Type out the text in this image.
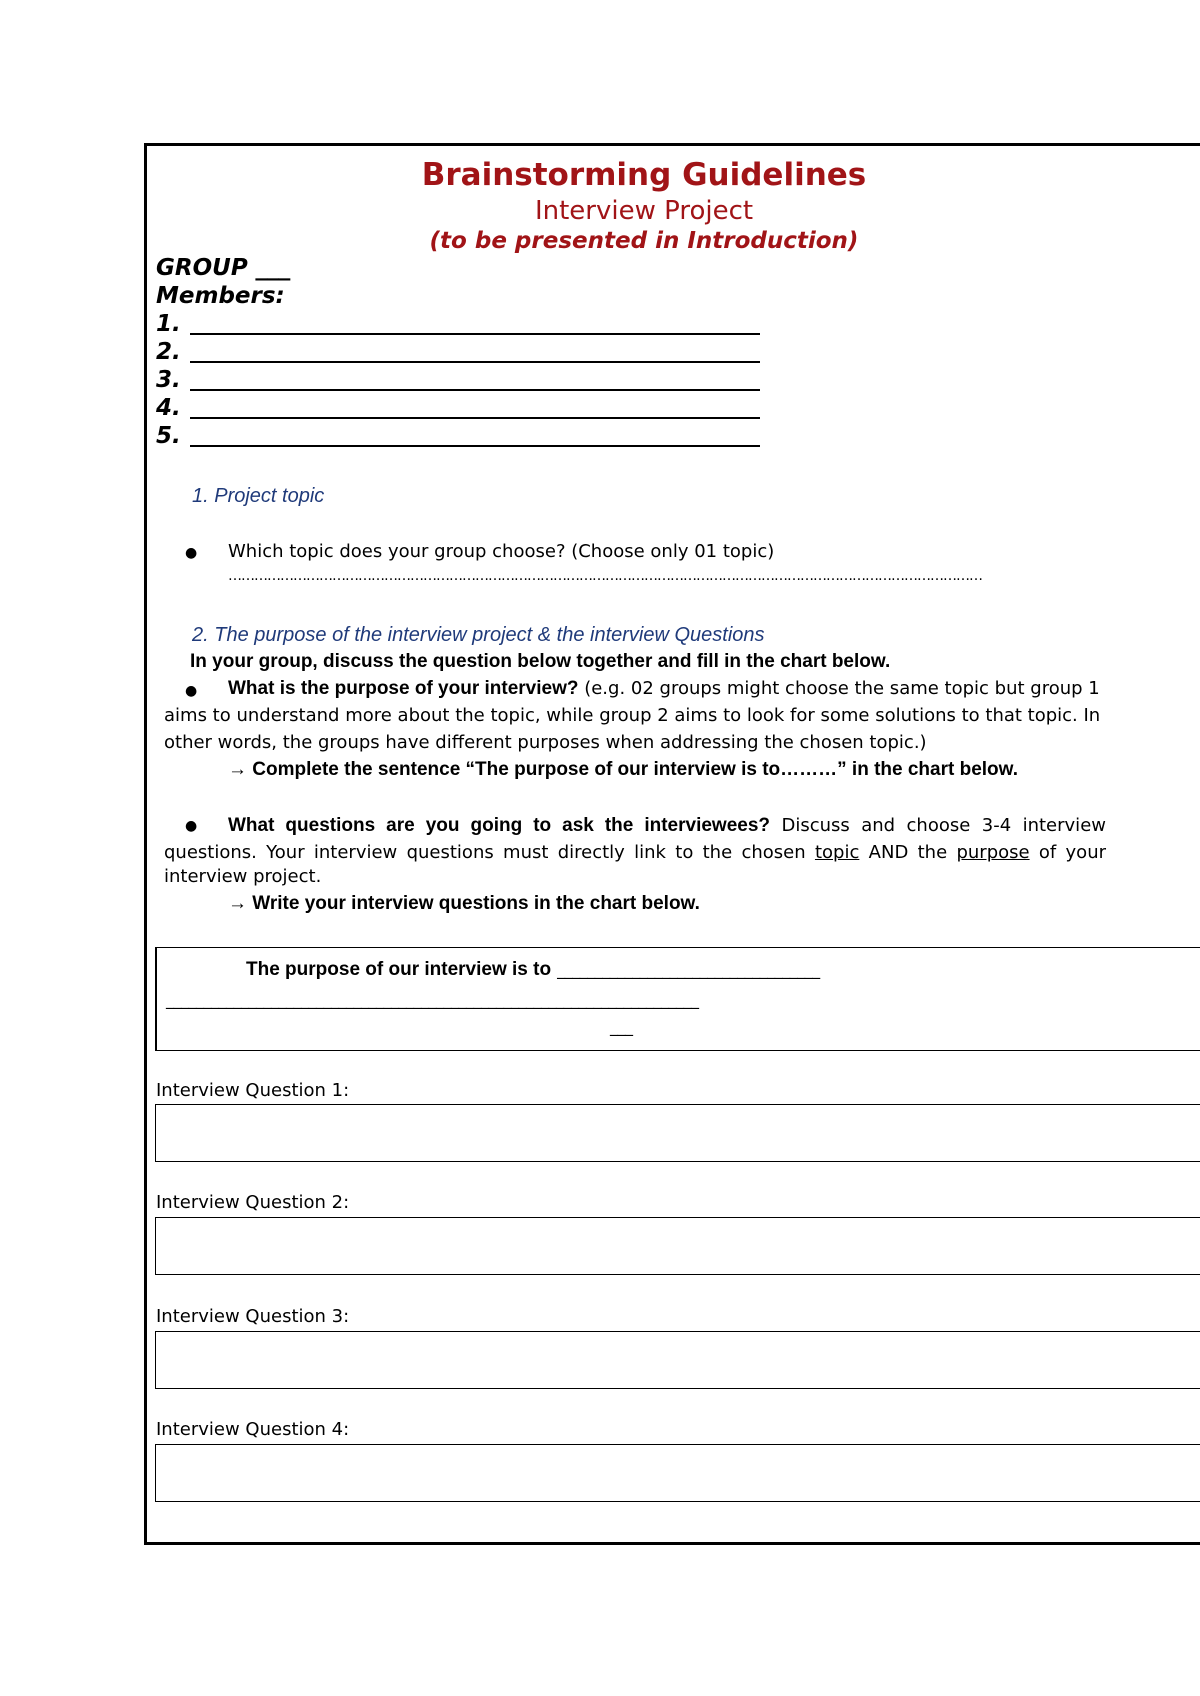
Brainstorming Guidelines
Interview Project
(to be presented in Introduction)
GROUP ___
Members:
1.
2.
3.
4.
5.
1. Project topic
● Which topic does your group choose? (Choose only 01 topic)
…………………………………………………………………………………………………………………………………………………………
2. The purpose of the interview project & the interview Questions
In your group, discuss the question below together and fill in the chart below.
● What is the purpose of your interview? (e.g. 02 groups might choose the same topic but group 1
aims to understand more about the topic, while group 2 aims to look for some solutions to that topic. In
other words, the groups have different purposes when addressing the chosen topic.)
→ Complete the sentence “The purpose of our interview is to………” in the chart below.
● What questions are you going to ask the interviewees? Discuss and choose 3-4 interview
questions. Your interview questions must directly link to the chosen topic AND the purpose of your
interview project.
→ Write your interview questions in the chart below.
The purpose of our interview is to ___________________________________
_______________________________________________________________________
___
Interview Question 1:
Interview Question 2:
Interview Question 3:
Interview Question 4:
